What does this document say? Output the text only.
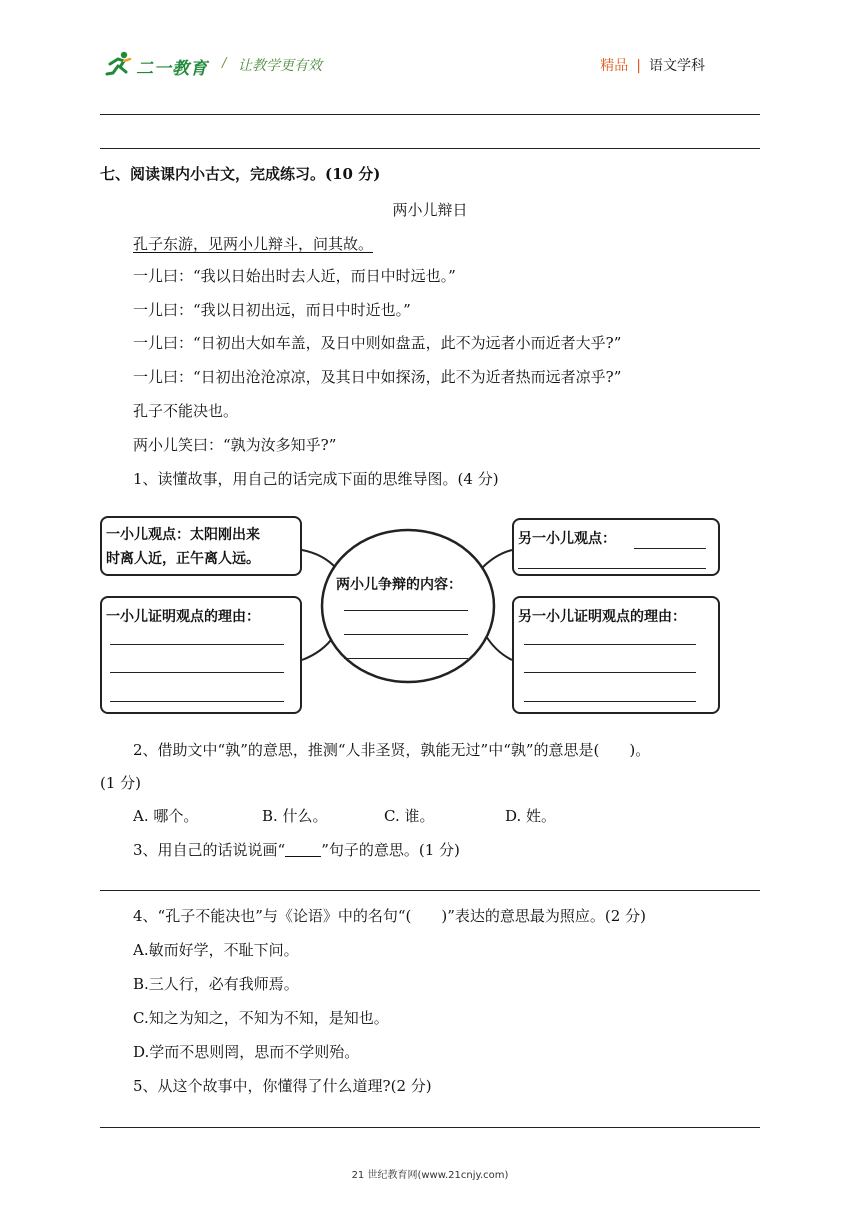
二一教育 / 让教学更有效	精品 | 语文学科
七、阅读课内小古文，完成练习。(10 分)
两小儿辩日
孔子东游，见两小儿辩斗，问其故。
一儿曰：“我以日始出时去人近，而日中时远也。”
一儿曰：“我以日初出远，而日中时近也。”
一儿曰：“日初出大如车盖，及日中则如盘盂，此不为远者小而近者大乎?”
一儿曰：“日初出沧沧凉凉，及其日中如探汤，此不为近者热而远者凉乎?”
孔子不能决也。
两小儿笑曰：“孰为汝多知乎?”
1、读懂故事，用自己的话完成下面的思维导图。(4 分)
一小儿观点：太阳刚出来
时离人近，正午离人远。
一小儿证明观点的理由：
两小儿争辩的内容：
另一小儿观点：
另一小儿证明观点的理由：
2、借助文中“孰”的意思，推测“人非圣贤，孰能无过”中“孰”的意思是(　　)。
(1 分)
A. 哪个。	B. 什么。	C. 谁。	D. 姓。
3、用自己的话说说画“ ”句子的意思。(1 分)
4、“孔子不能决也”与《论语》中的名句“(　　)”表达的意思最为照应。(2 分)
A.敏而好学，不耻下问。
B.三人行，必有我师焉。
C.知之为知之，不知为不知，是知也。
D.学而不思则罔，思而不学则殆。
5、从这个故事中，你懂得了什么道理?(2 分)
21 世纪教育网(www.21cnjy.com)
